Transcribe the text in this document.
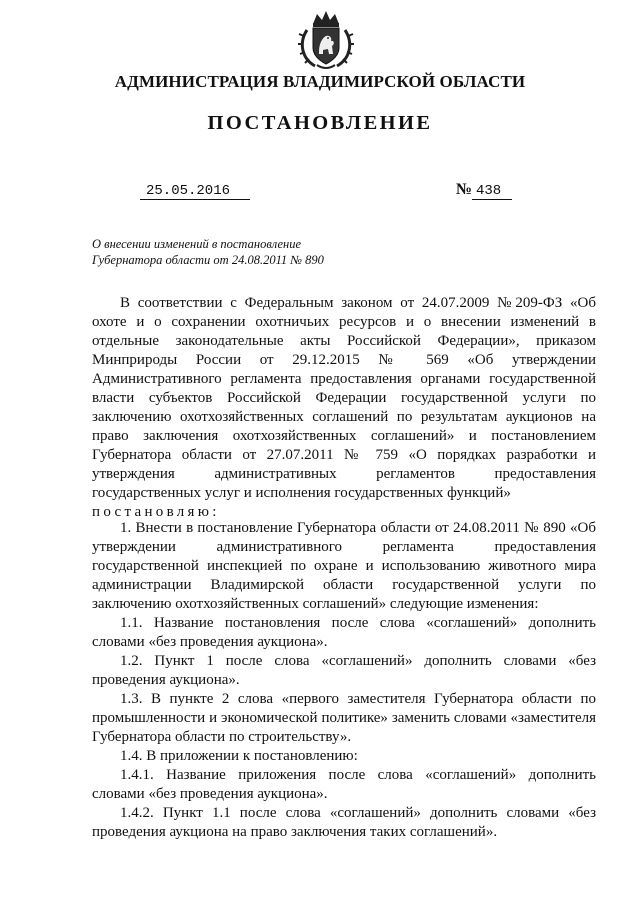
АДМИНИСТРАЦИЯ ВЛАДИМИРСКОЙ ОБЛАСТИ
ПОСТАНОВЛЕНИЕ
25.05.2016	№ 438
О внесении изменений в постановление
Губернатора области от 24.08.2011 № 890

В соответствии с Федеральным законом от 24.07.2009 №209-ФЗ «Об охоте и о сохранении охотничьих ресурсов и о внесении изменений в отдельные законодательные акты Российской Федерации», приказом Минприроды России от 29.12.2015 № 569 «Об утверждении Административного регламента предоставления органами государственной власти субъектов Российской Федерации государственной услуги по заключению охотхозяйственных соглашений по результатам аукционов на право заключения охотхозяйственных соглашений» и постановлением Губернатора области от 27.07.2011 № 759 «О порядках разработки и утверждения административных регламентов предоставления государственных услуг и исполнения государственных функций»

постановляю:

1. Внести в постановление Губернатора области от 24.08.2011 № 890 «Об утверждении административного регламента предоставления государственной инспекцией по охране и использованию животного мира администрации Владимирской области государственной услуги по заключению охотхозяйственных соглашений» следующие изменения:

1.1. Название постановления после слова «соглашений» дополнить словами «без проведения аукциона».

1.2. Пункт 1 после слова «соглашений» дополнить словами «без проведения аукциона».

1.3. В пункте 2 слова «первого заместителя Губернатора области по промышленности и экономической политике» заменить словами «заместителя Губернатора области по строительству».

1.4. В приложении к постановлению:

1.4.1. Название приложения после слова «соглашений» дополнить словами «без проведения аукциона».

1.4.2. Пункт 1.1 после слова «соглашений» дополнить словами «без проведения аукциона на право заключения таких соглашений».
